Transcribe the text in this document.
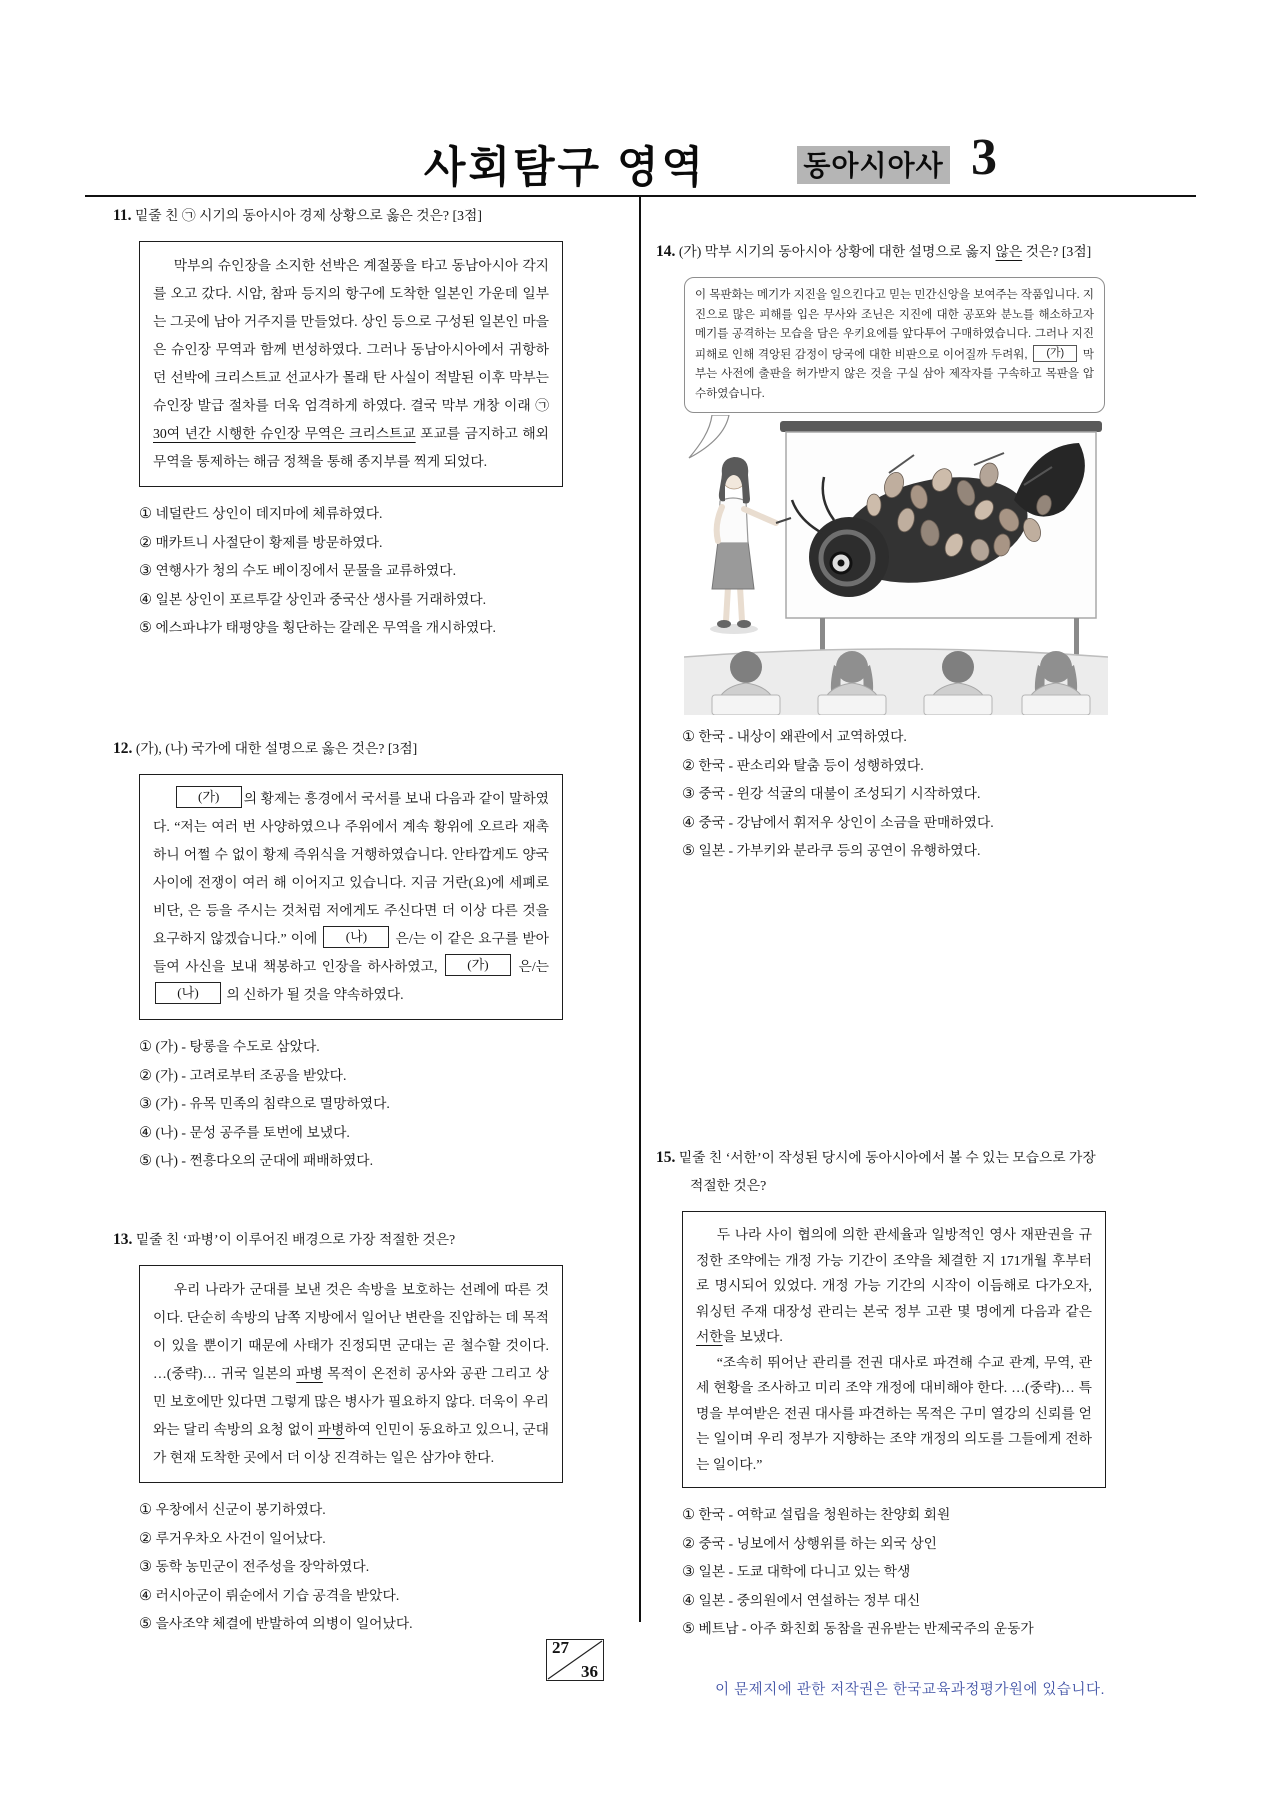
사회탐구 영역	동아시아사 3
11. 밑줄 친 ㉠ 시기의 동아시아 경제 상황으로 옳은 것은? [3점]
막부의 슈인장을 소지한 선박은 계절풍을 타고 동남아시아 각지를 오고 갔다. 시암, 참파 등지의 항구에 도착한 일본인 가운데 일부는 그곳에 남아 거주지를 만들었다. 상인 등으로 구성된 일본인 마을은 슈인장 무역과 함께 번성하였다. 그러나 동남아시아에서 귀항하던 선박에 크리스트교 선교사가 몰래 탄 사실이 적발된 이후 막부는 슈인장 발급 절차를 더욱 엄격하게 하였다. 결국 막부 개창 이래 ㉠30여 년간 시행한 슈인장 무역은 크리스트교 포교를 금지하고 해외 무역을 통제하는 해금 정책을 통해 종지부를 찍게 되었다.
① 네덜란드 상인이 데지마에 체류하였다.
② 매카트니 사절단이 황제를 방문하였다.
③ 연행사가 청의 수도 베이징에서 문물을 교류하였다.
④ 일본 상인이 포르투갈 상인과 중국산 생사를 거래하였다.
⑤ 에스파냐가 태평양을 횡단하는 갈레온 무역을 개시하였다.
12. (가), (나) 국가에 대한 설명으로 옳은 것은? [3점]
(가) 의 황제는 흥경에서 국서를 보내 다음과 같이 말하였다. “저는 여러 번 사양하였으나 주위에서 계속 황위에 오르라 재촉하니 어쩔 수 없이 황제 즉위식을 거행하였습니다. 안타깝게도 양국 사이에 전쟁이 여러 해 이어지고 있습니다. 지금 거란(요)에 세폐로 비단, 은 등을 주시는 것처럼 저에게도 주신다면 더 이상 다른 것을 요구하지 않겠습니다.” 이에 (나) 은/는 이 같은 요구를 받아들여 사신을 보내 책봉하고 인장을 하사하였고, (가) 은/는 (나) 의 신하가 될 것을 약속하였다.
① (가) - 탕롱을 수도로 삼았다.
② (가) - 고려로부터 조공을 받았다.
③ (가) - 유목 민족의 침략으로 멸망하였다.
④ (나) - 문성 공주를 토번에 보냈다.
⑤ (나) - 쩐흥다오의 군대에 패배하였다.
13. 밑줄 친 ‘파병’이 이루어진 배경으로 가장 적절한 것은?
우리 나라가 군대를 보낸 것은 속방을 보호하는 선례에 따른 것이다. 단순히 속방의 남쪽 지방에서 일어난 변란을 진압하는 데 목적이 있을 뿐이기 때문에 사태가 진정되면 군대는 곧 철수할 것이다. …(중략)… 귀국 일본의 파병 목적이 온전히 공사와 공관 그리고 상민 보호에만 있다면 그렇게 많은 병사가 필요하지 않다. 더욱이 우리와는 달리 속방의 요청 없이 파병하여 인민이 동요하고 있으니, 군대가 현재 도착한 곳에서 더 이상 진격하는 일은 삼가야 한다.
① 우창에서 신군이 봉기하였다.
② 루거우차오 사건이 일어났다.
③ 동학 농민군이 전주성을 장악하였다.
④ 러시아군이 뤼순에서 기습 공격을 받았다.
⑤ 을사조약 체결에 반발하여 의병이 일어났다.
14. (가) 막부 시기의 동아시아 상황에 대한 설명으로 옳지 않은 것은? [3점]
이 목판화는 메기가 지진을 일으킨다고 믿는 민간신앙을 보여주는 작품입니다. 지진으로 많은 피해를 입은 무사와 조닌은 지진에 대한 공포와 분노를 해소하고자 메기를 공격하는 모습을 담은 우키요에를 앞다투어 구매하였습니다. 그러나 지진 피해로 인해 격앙된 감정이 당국에 대한 비판으로 이어질까 두려워, (가) 막부는 사전에 출판을 허가받지 않은 것을 구실 삼아 제작자를 구속하고 목판을 압수하였습니다.
① 한국 - 내상이 왜관에서 교역하였다.
② 한국 - 판소리와 탈춤 등이 성행하였다.
③ 중국 - 윈강 석굴의 대불이 조성되기 시작하였다.
④ 중국 - 강남에서 휘저우 상인이 소금을 판매하였다.
⑤ 일본 - 가부키와 분라쿠 등의 공연이 유행하였다.
15. 밑줄 친 ‘서한’이 작성된 당시에 동아시아에서 볼 수 있는 모습으로 가장 적절한 것은?
두 나라 사이 협의에 의한 관세율과 일방적인 영사 재판권을 규정한 조약에는 개정 가능 기간이 조약을 체결한 지 171개월 후부터로 명시되어 있었다. 개정 가능 기간의 시작이 이듬해로 다가오자, 워싱턴 주재 대장성 관리는 본국 정부 고관 몇 명에게 다음과 같은 서한을 보냈다.
“조속히 뛰어난 관리를 전권 대사로 파견해 수교 관계, 무역, 관세 현황을 조사하고 미리 조약 개정에 대비해야 한다. …(중략)… 특명을 부여받은 전권 대사를 파견하는 목적은 구미 열강의 신뢰를 얻는 일이며 우리 정부가 지향하는 조약 개정의 의도를 그들에게 전하는 일이다.”
① 한국 - 여학교 설립을 청원하는 찬양회 회원
② 중국 - 닝보에서 상행위를 하는 외국 상인
③ 일본 - 도쿄 대학에 다니고 있는 학생
④ 일본 - 중의원에서 연설하는 정부 대신
⑤ 베트남 - 아주 화친회 동참을 권유받는 반제국주의 운동가
27
36
이 문제지에 관한 저작권은 한국교육과정평가원에 있습니다.
